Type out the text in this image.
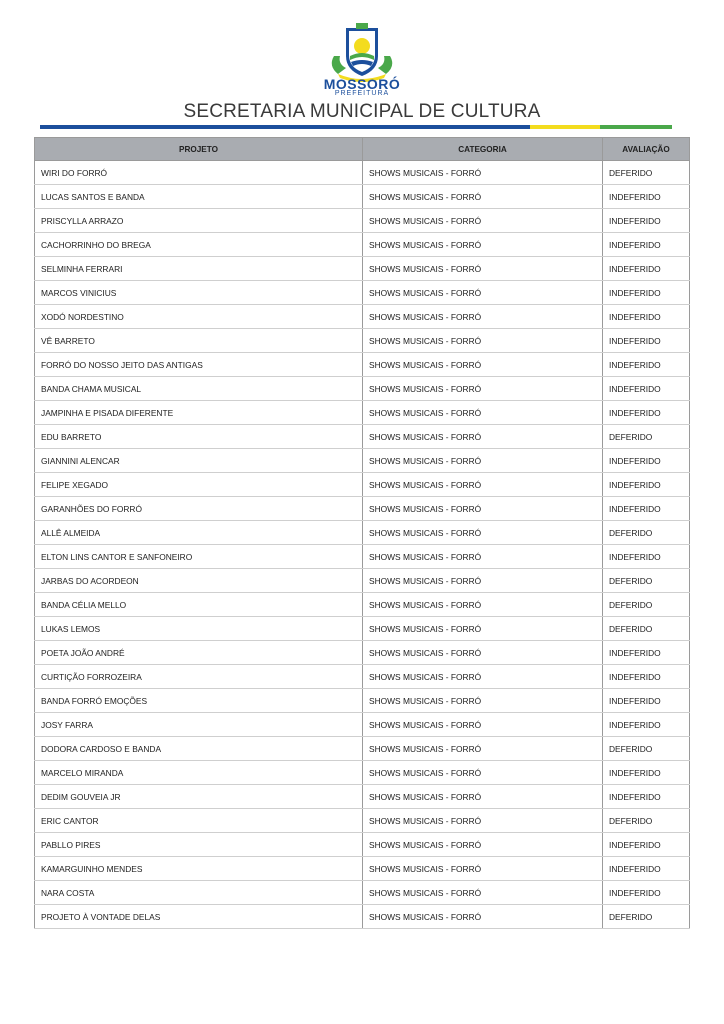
MOSSORÓ
PREFEITURA
SECRETARIA MUNICIPAL DE CULTURA
PROJETO	CATEGORIA	AVALIAÇÃO
WIRI DO FORRÓ	SHOWS MUSICAIS - FORRÓ	DEFERIDO
LUCAS SANTOS E BANDA	SHOWS MUSICAIS - FORRÓ	INDEFERIDO
PRISCYLLA ARRAZO	SHOWS MUSICAIS - FORRÓ	INDEFERIDO
CACHORRINHO DO BREGA	SHOWS MUSICAIS - FORRÓ	INDEFERIDO
SELMINHA FERRARI	SHOWS MUSICAIS - FORRÓ	INDEFERIDO
MARCOS VINICIUS	SHOWS MUSICAIS - FORRÓ	INDEFERIDO
XODÓ NORDESTINO	SHOWS MUSICAIS - FORRÓ	INDEFERIDO
VÊ BARRETO	SHOWS MUSICAIS - FORRÓ	INDEFERIDO
FORRÓ DO NOSSO JEITO DAS ANTIGAS	SHOWS MUSICAIS - FORRÓ	INDEFERIDO
BANDA CHAMA MUSICAL	SHOWS MUSICAIS - FORRÓ	INDEFERIDO
JAMPINHA E PISADA DIFERENTE	SHOWS MUSICAIS - FORRÓ	INDEFERIDO
EDU BARRETO	SHOWS MUSICAIS - FORRÓ	DEFERIDO
GIANNINI ALENCAR	SHOWS MUSICAIS - FORRÓ	INDEFERIDO
FELIPE XEGADO	SHOWS MUSICAIS - FORRÓ	INDEFERIDO
GARANHÕES DO FORRÓ	SHOWS MUSICAIS - FORRÓ	INDEFERIDO
ALLÊ ALMEIDA	SHOWS MUSICAIS - FORRÓ	DEFERIDO
ELTON LINS CANTOR E SANFONEIRO	SHOWS MUSICAIS - FORRÓ	INDEFERIDO
JARBAS DO ACORDEON	SHOWS MUSICAIS - FORRÓ	DEFERIDO
BANDA CÉLIA MELLO	SHOWS MUSICAIS - FORRÓ	DEFERIDO
LUKAS LEMOS	SHOWS MUSICAIS - FORRÓ	DEFERIDO
POETA JOÃO ANDRÉ	SHOWS MUSICAIS - FORRÓ	INDEFERIDO
CURTIÇÃO FORROZEIRA	SHOWS MUSICAIS - FORRÓ	INDEFERIDO
BANDA FORRÓ EMOÇÕES	SHOWS MUSICAIS - FORRÓ	INDEFERIDO
JOSY FARRA	SHOWS MUSICAIS - FORRÓ	INDEFERIDO
DODORA CARDOSO E BANDA	SHOWS MUSICAIS - FORRÓ	DEFERIDO
MARCELO MIRANDA	SHOWS MUSICAIS - FORRÓ	INDEFERIDO
DEDIM GOUVEIA JR	SHOWS MUSICAIS - FORRÓ	INDEFERIDO
ERIC CANTOR	SHOWS MUSICAIS - FORRÓ	DEFERIDO
PABLLO PIRES	SHOWS MUSICAIS - FORRÓ	INDEFERIDO
KAMARGUINHO MENDES	SHOWS MUSICAIS - FORRÓ	INDEFERIDO
NARA COSTA	SHOWS MUSICAIS - FORRÓ	INDEFERIDO
PROJETO À VONTADE DELAS	SHOWS MUSICAIS - FORRÓ	DEFERIDO
